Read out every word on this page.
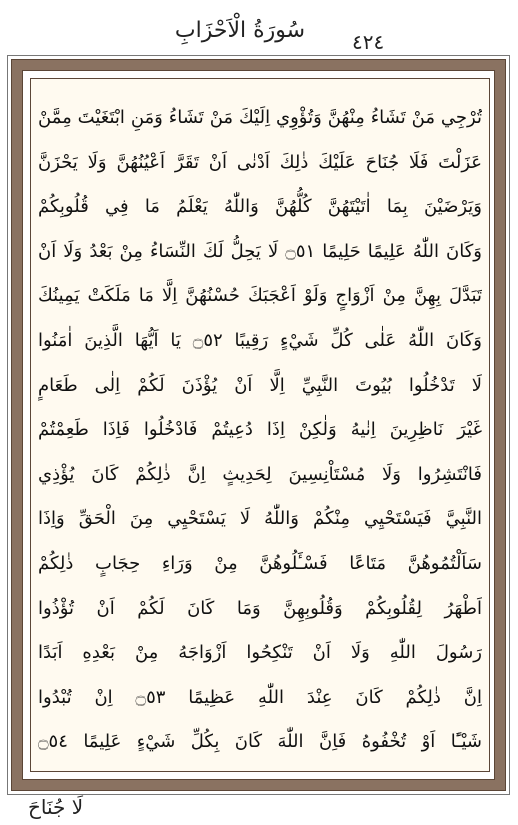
٤٢٤
سُورَةُ الْاَحْزَابِ
تُرْجِي مَنْ تَشَاءُ مِنْهُنَّ وَتُؤْوِي اِلَيْكَ مَنْ تَشَاءُ وَمَنِ ابْتَغَيْتَ مِمَّنْ
عَزَلْتَ فَلَا جُنَاحَ عَلَيْكَ ذٰلِكَ اَدْنٰى اَنْ تَقَرَّ اَعْيُنُهُنَّ وَلَا يَحْزَنَّ
وَيَرْضَيْنَ بِمَا اٰتَيْتَهُنَّ كُلُّهُنَّ وَاللّٰهُ يَعْلَمُ مَا فِي قُلُوبِكُمْ
وَكَانَ اللّٰهُ عَلِيمًا حَلِيمًا ۝٥١ لَا يَحِلُّ لَكَ النِّسَاءُ مِنْ بَعْدُ وَلَا اَنْ
تَبَدَّلَ بِهِنَّ مِنْ اَزْوَاجٍ وَلَوْ اَعْجَبَكَ حُسْنُهُنَّ اِلَّا مَا مَلَكَتْ يَمِينُكَ
وَكَانَ اللّٰهُ عَلٰى كُلِّ شَيْءٍ رَقِيبًا ۝٥٢ يَا اَيُّهَا الَّذِينَ اٰمَنُوا
لَا تَدْخُلُوا بُيُوتَ النَّبِيِّ اِلَّا اَنْ يُؤْذَنَ لَكُمْ اِلٰى طَعَامٍ
غَيْرَ نَاظِرِينَ اِنٰيهُ وَلٰكِنْ اِذَا دُعِيتُمْ فَادْخُلُوا فَاِذَا طَعِمْتُمْ
فَانْتَشِرُوا وَلَا مُسْتَاْنِسِينَ لِحَدِيثٍ اِنَّ ذٰلِكُمْ كَانَ يُؤْذِي
النَّبِيَّ فَيَسْتَحْيِي مِنْكُمْ وَاللّٰهُ لَا يَسْتَحْيِي مِنَ الْحَقِّ وَاِذَا
سَاَلْتُمُوهُنَّ مَتَاعًا فَسْـَٔلُوهُنَّ مِنْ وَرَاءِ حِجَابٍ ذٰلِكُمْ
اَطْهَرُ لِقُلُوبِكُمْ وَقُلُوبِهِنَّ وَمَا كَانَ لَكُمْ اَنْ تُؤْذُوا
رَسُولَ اللّٰهِ وَلَا اَنْ تَنْكِحُوا اَزْوَاجَهُ مِنْ بَعْدِهِ اَبَدًا
اِنَّ ذٰلِكُمْ كَانَ عِنْدَ اللّٰهِ عَظِيمًا ۝٥٣ اِنْ تُبْدُوا
شَيْـًٔا اَوْ تُخْفُوهُ فَاِنَّ اللّٰهَ كَانَ بِكُلِّ شَيْءٍ عَلِيمًا ۝٥٤
لَا جُنَاحَ
